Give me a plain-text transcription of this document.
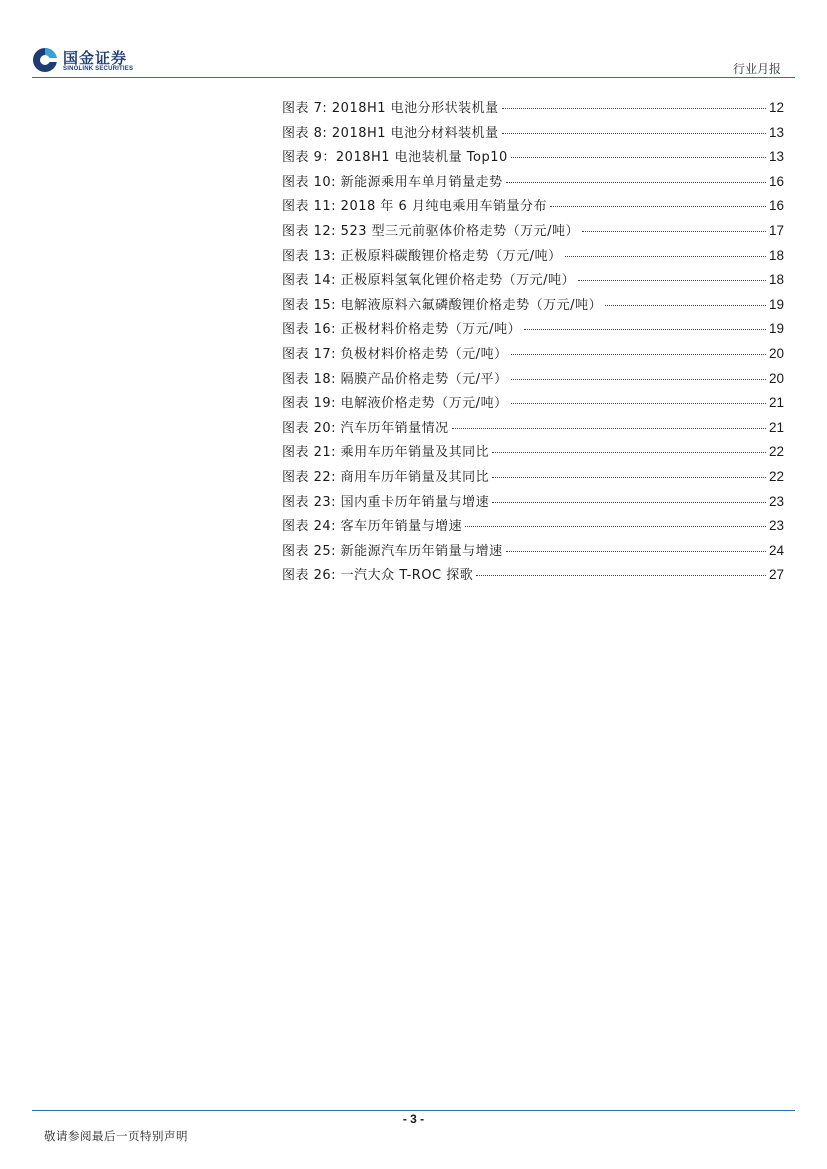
国金证券
SINOLINK SECURITIES	行业月报
图表 7: 2018H1 电池分形状装机量	12
图表 8: 2018H1 电池分材料装机量	13
图表 9：2018H1 电池装机量 Top10	13
图表 10: 新能源乘用车单月销量走势	16
图表 11: 2018 年 6 月纯电乘用车销量分布	16
图表 12: 523 型三元前驱体价格走势（万元/吨）	17
图表 13: 正极原料碳酸锂价格走势（万元/吨）	18
图表 14: 正极原料氢氧化锂价格走势（万元/吨）	18
图表 15: 电解液原料六氟磷酸锂价格走势（万元/吨）	19
图表 16: 正极材料价格走势（万元/吨）	19
图表 17: 负极材料价格走势（元/吨）	20
图表 18: 隔膜产品价格走势（元/平）	20
图表 19: 电解液价格走势（万元/吨）	21
图表 20: 汽车历年销量情况	21
图表 21: 乘用车历年销量及其同比	22
图表 22: 商用车历年销量及其同比	22
图表 23: 国内重卡历年销量与增速	23
图表 24: 客车历年销量与增速	23
图表 25: 新能源汽车历年销量与增速	24
图表 26: 一汽大众 T-ROC 探歌	27
- 3 -
敬请参阅最后一页特别声明
